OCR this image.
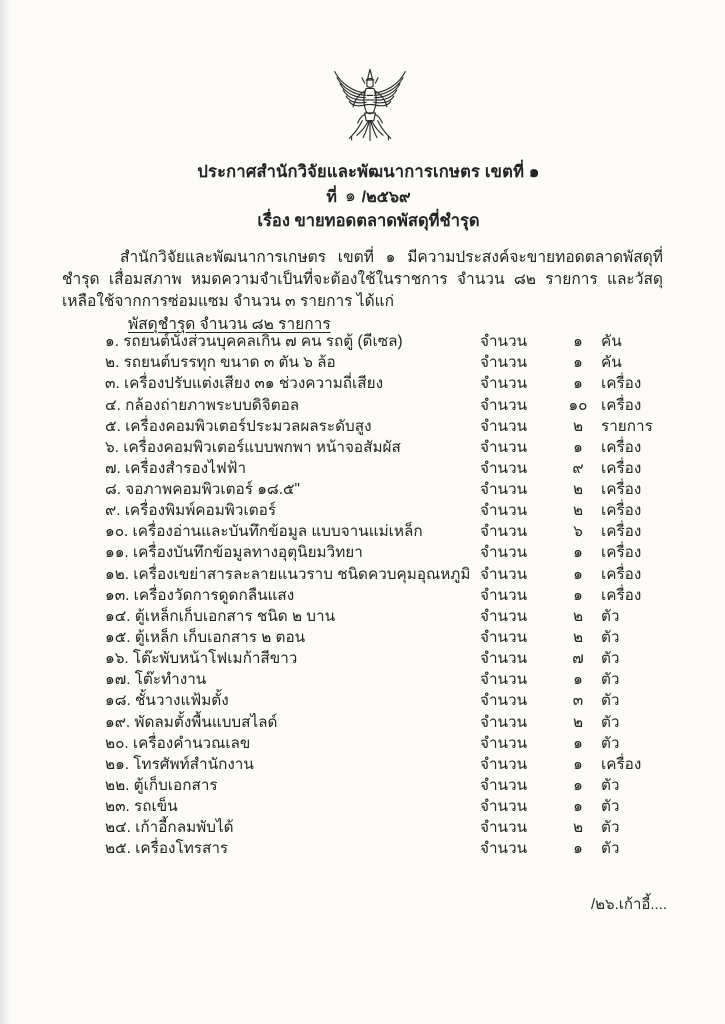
ประกาศสำนักวิจัยและพัฒนาการเกษตร เขตที่ ๑
ที่ ๑ /๒๕๖๙
เรื่อง ขายทอดตลาดพัสดุที่ชำรุด
สำนักวิจัยและพัฒนาการเกษตร เขตที่ ๑ มีความประสงค์จะขายทอดตลาดพัสดุที่ชำรุด เสื่อมสภาพ หมดความจำเป็นที่จะต้องใช้ในราชการ จำนวน ๘๒ รายการ และวัสดุเหลือใช้จากการซ่อมแซม จำนวน ๓ รายการ ได้แก่
พัสดุชำรุด จำนวน ๘๒ รายการ
๑. รถยนต์นั่งส่วนบุคคลเกิน ๗ คน รถตู้ (ดีเซล)	จำนวน	๑	คัน
๒. รถยนต์บรรทุก ขนาด ๓ ตัน ๖ ล้อ	จำนวน	๑	คัน
๓. เครื่องปรับแต่งเสียง ๓๑ ช่วงความถี่เสียง	จำนวน	๑	เครื่อง
๔. กล้องถ่ายภาพระบบดิจิตอล	จำนวน	๑๐ เครื่อง
๕. เครื่องคอมพิวเตอร์ประมวลผลระดับสูง	จำนวน	๒	รายการ
๖. เครื่องคอมพิวเตอร์แบบพกพา หน้าจอสัมผัส	จำนวน	๑	เครื่อง
๗. เครื่องสำรองไฟฟ้า	จำนวน	๙	เครื่อง
๘. จอภาพคอมพิวเตอร์ ๑๘.๕"	จำนวน	๒	เครื่อง
๙. เครื่องพิมพ์คอมพิวเตอร์	จำนวน	๒	เครื่อง
๑๐. เครื่องอ่านและบันทึกข้อมูล แบบจานแม่เหล็ก	จำนวน	๖	เครื่อง
๑๑. เครื่องบันทึกข้อมูลทางอุตุนิยมวิทยา	จำนวน	๑	เครื่อง
๑๒. เครื่องเขย่าสารละลายแนวราบ ชนิดควบคุมอุณหภูมิ จำนวน	๑	เครื่อง
๑๓. เครื่องวัดการดูดกลืนแสง	จำนวน	๑	เครื่อง
๑๔. ตู้เหล็กเก็บเอกสาร ชนิด ๒ บาน	จำนวน	๒	ตัว
๑๕. ตู้เหล็ก เก็บเอกสาร ๒ ตอน	จำนวน	๒	ตัว
๑๖. โต๊ะพับหน้าโฟเมก้าสีขาว	จำนวน	๗	ตัว
๑๗. โต๊ะทำงาน	จำนวน	๑	ตัว
๑๘. ชั้นวางแฟ้มตั้ง	จำนวน	๓	ตัว
๑๙. พัดลมตั้งพื้นแบบสไลด์	จำนวน	๒	ตัว
๒๐. เครื่องคำนวณเลข	จำนวน	๑	ตัว
๒๑. โทรศัพท์สำนักงาน	จำนวน	๑	เครื่อง
๒๒. ตู้เก็บเอกสาร	จำนวน	๑	ตัว
๒๓. รถเข็น	จำนวน	๑	ตัว
๒๔. เก้าอี้กลมพับได้	จำนวน	๒	ตัว
๒๕. เครื่องโทรสาร	จำนวน	๑	ตัว
/๒๖.เก้าอี้....
